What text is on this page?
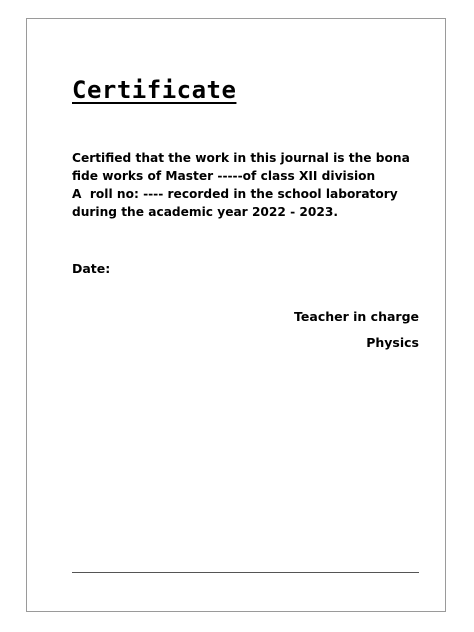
Certificate
Certified that the work in this journal is the bona
fide works of Master -----of class XII division
A  roll no: ---- recorded in the school laboratory
during the academic year 2022 - 2023.
Date:
Teacher in charge
Physics
